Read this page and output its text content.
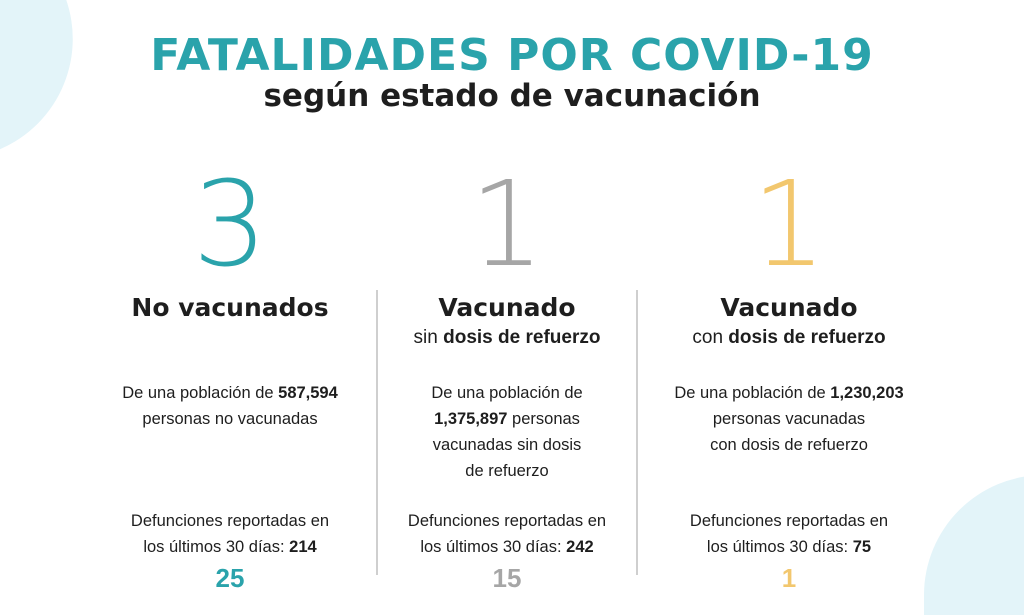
FATALIDADES POR COVID-19
según estado de vacunación
3
No vacunados
De una población de 587,594
personas no vacunadas
Defunciones reportadas en
los últimos 30 días: 214
25
1
Vacunado
sin dosis de refuerzo
De una población de
1,375,897 personas
vacunadas sin dosis
de refuerzo
Defunciones reportadas en
los últimos 30 días: 242
15
1
Vacunado
con dosis de refuerzo
De una población de 1,230,203
personas vacunadas
con dosis de refuerzo
Defunciones reportadas en
los últimos 30 días: 75
1
